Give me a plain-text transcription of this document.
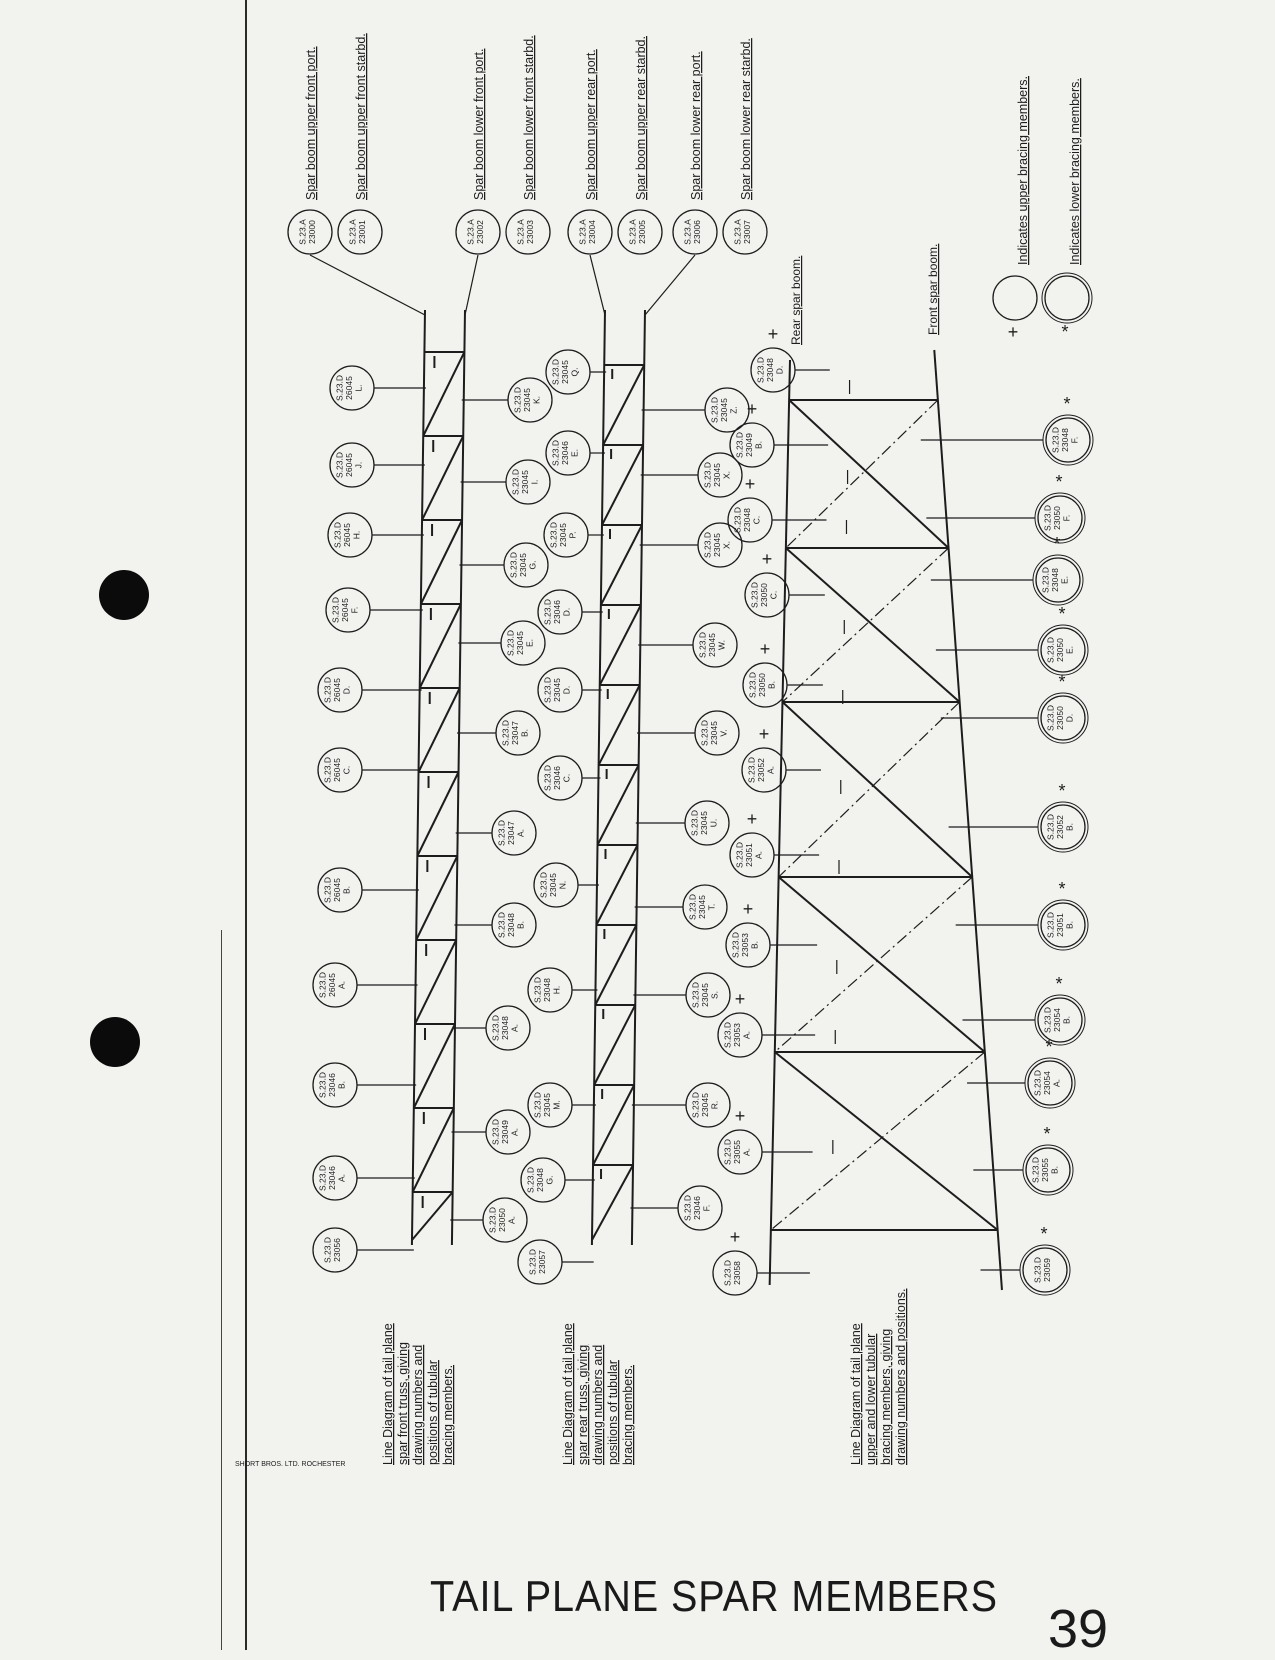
S.23.D 23056
S.23.D 23046 A.
S.23.D 23046 B.
S.23.D 26045 A.
S.23.D 26045 B.
S.23.D 26045 C.
S.23.D 26045 D.
S.23.D 26045 F.
S.23.D 26045 H.
S.23.D 26045 J.
S.23.D 26045 L.
S.23.D 23050 A.
S.23.D 23049 A.
S.23.D 23048 A.
S.23.D 23048 B.
S.23.D 23047 A.
S.23.D 23047 B.
S.23.D 23045 E.
S.23.D 23045 G.
S.23.D 23045 I.
S.23.D 23045 K.
S.23.D 23057
S.23.D 23048 G.
S.23.D 23045 M.
S.23.D 23048 H.
S.23.D 23045 N.
S.23.D 23046 C.
S.23.D 23045 D.
S.23.D 23046 D.
S.23.D 23045 P.
S.23.D 23046 E.
S.23.D 23045 Q.
S.23.D 23046 F.
S.23.D 23045 R.
S.23.D 23045 S.
S.23.D 23045 T.
S.23.D 23045 U.
S.23.D 23045 V.
S.23.D 23045 W.
S.23.D 23045 X.
S.23.D 23045 X.
S.23.D 23045 Z.
S.23.D 23058
+
S.23.D 23055 A.
+
S.23.D 23053 A.
+
S.23.D 23053 B.
+
S.23.D 23051 A.
+
S.23.D 23052 A.
+
S.23.D 23050 B.
+
S.23.D 23050 C.
+
S.23.D 23048 C.
+
S.23.D 23049 B.
+
S.23.D 23048 D.
+
S.23.D 23059
*
S.23.D 23055 B.
*
S.23.D 23054 A.
*
S.23.D 23054 B.
*
S.23.D 23051 B.
*
S.23.D 23052 B.
*
S.23.D 23050 D.
*
S.23.D 23050 E.
*
S.23.D 23048 E.
*
S.23.D 23050 F.
*
S.23.D 23048 F.
*
S.23.A 23000	S.23.A 23001	S.23.A 23002	S.23.A 23003	S.23.A 23004	S.23.A 23005	S.23.A 23006	S.23.A 23007
Spar boom upper front port.	Spar boom upper front starbd.	Spar boom lower front port.	Spar boom lower front starbd.	Spar boom upper rear port.	Spar boom upper rear starbd.	Spar boom lower rear port.	Spar boom lower rear starbd.
Rear spar boom.	Front spar boom.	+
Indicates upper bracing members.
*
Indicates lower bracing members.
Line Diagram of tail plane spar front truss, giving drawing numbers and positions of tubular bracing members.	Line Diagram of tail plane spar rear truss, giving drawing numbers and positions of tubular bracing members.	Line Diagram of tail plane upper and lower tubular bracing members, giving drawing numbers and positions.
SHORT BROS. LTD. ROCHESTER
TAIL PLANE SPAR MEMBERS
39
